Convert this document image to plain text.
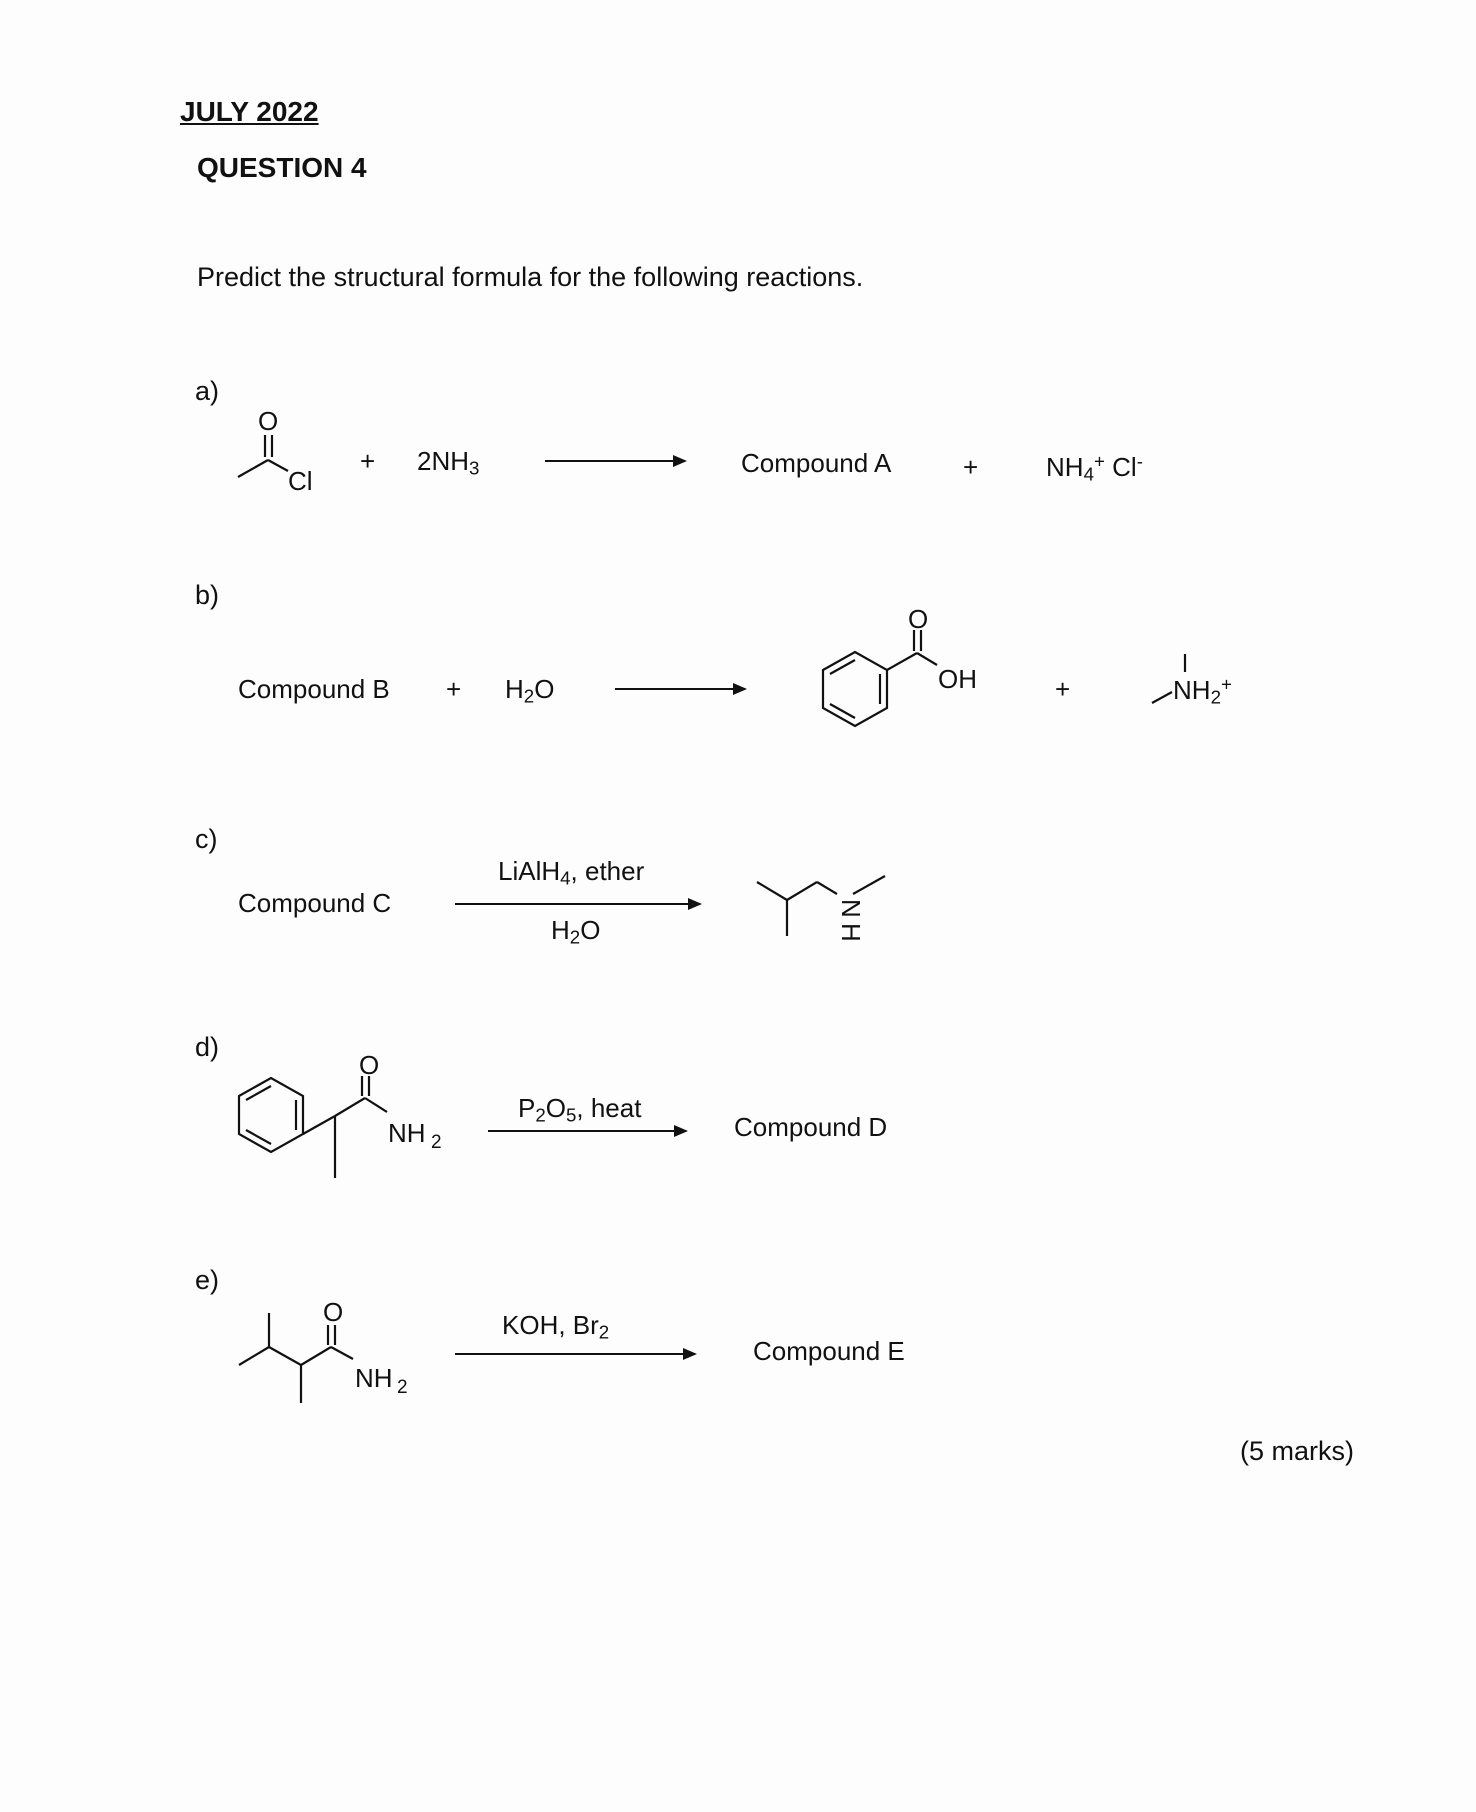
JULY 2022
QUESTION 4
Predict the structural formula for the following reactions.
a)
O
Cl
+ $2NH_3$	Compound A	+	$NH_4^+$ Cl-
b)
Compound $B + H_2O$
O
OH	+	$NH_2^+$
c)
Compound C
LiAlH$_4$, ether
$H_2O$
N
H
d)
O
NH 2
$P_2O_5$, heat
Compound D
e)
O
NH 2
KOH, $Br_2$
Compound E
(5 marks)
